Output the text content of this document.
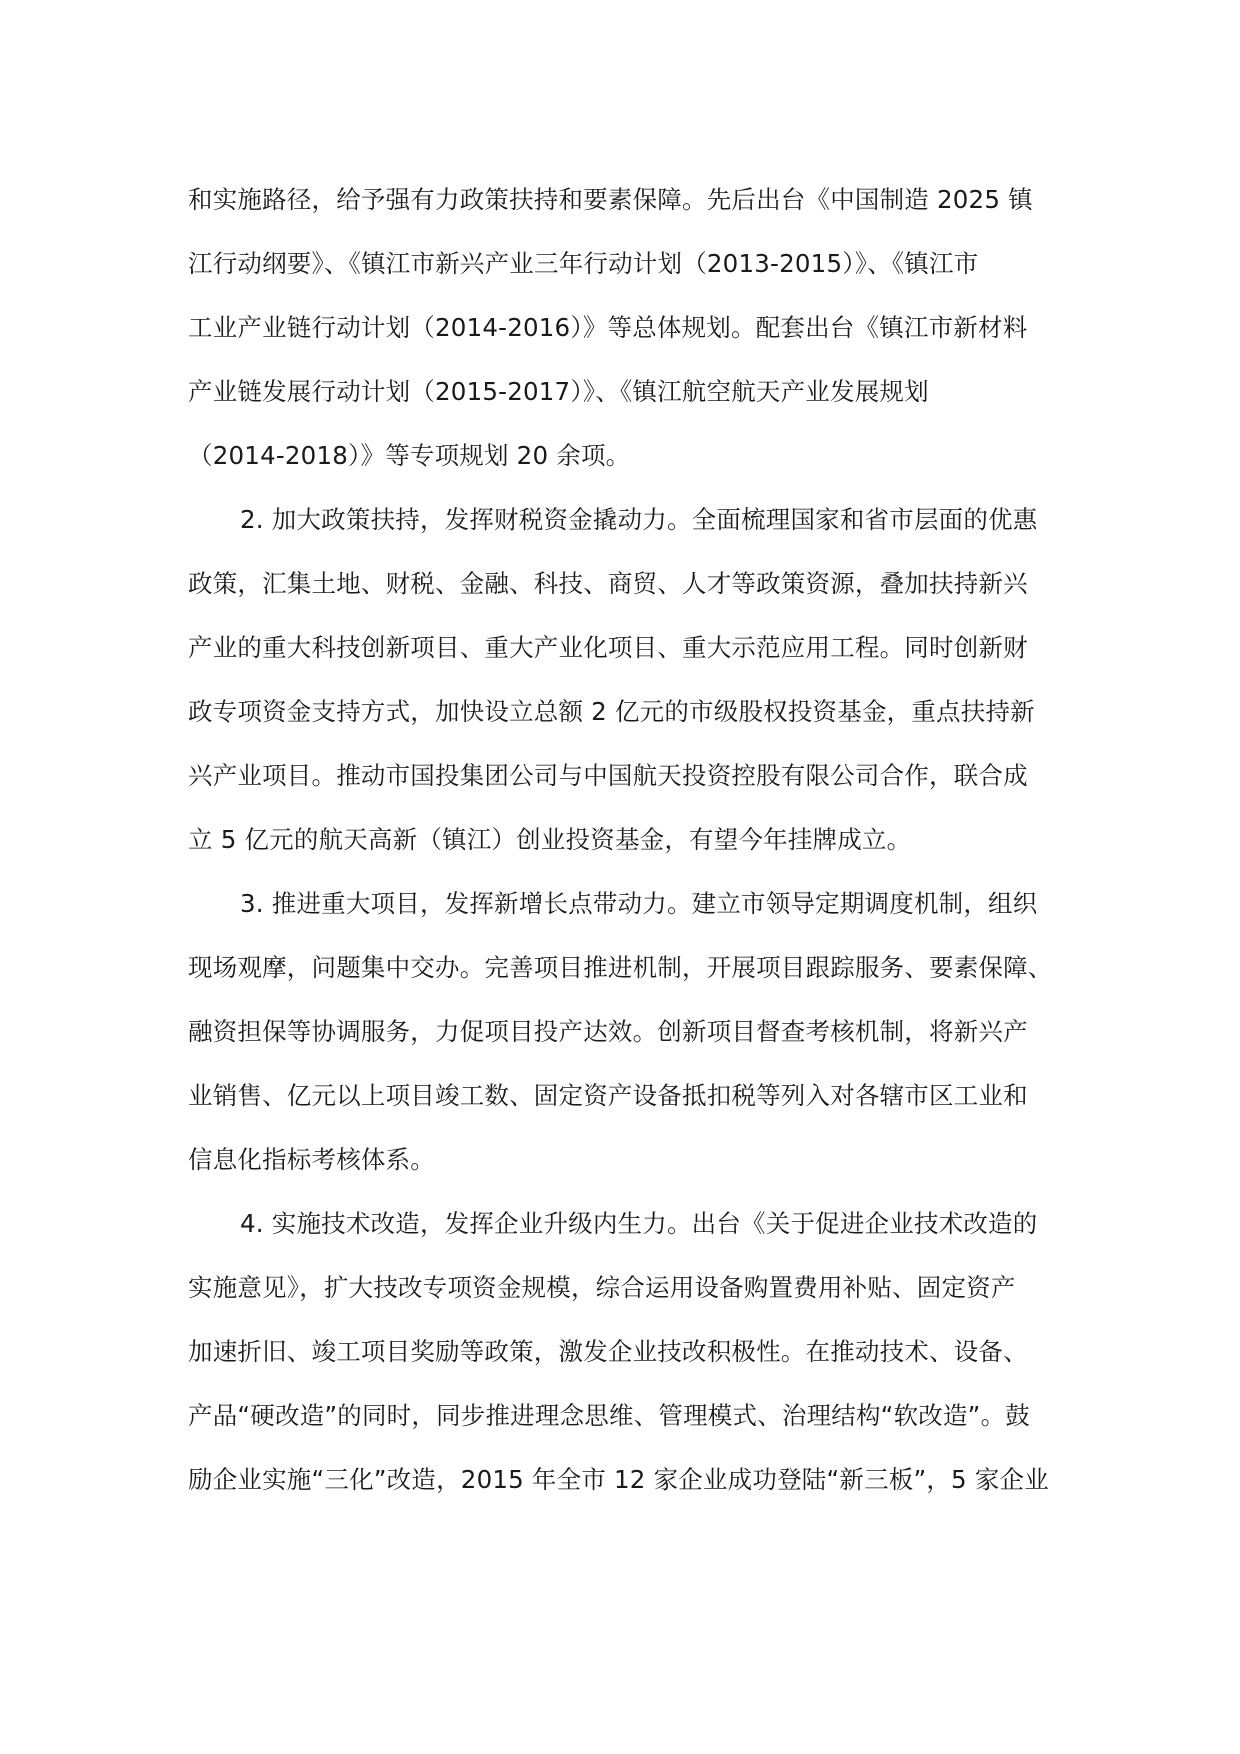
和实施路径，给予强有力政策扶持和要素保障。先后出台《中国制造 2025 镇
江行动纲要》、《镇江市新兴产业三年行动计划（2013-2015）》、《镇江市
工业产业链行动计划（2014-2016）》等总体规划。配套出台《镇江市新材料
产业链发展行动计划（2015-2017）》、《镇江航空航天产业发展规划
（2014-2018）》等专项规划 20 余项。
2. 加大政策扶持，发挥财税资金撬动力。全面梳理国家和省市层面的优惠
政策，汇集土地、财税、金融、科技、商贸、人才等政策资源，叠加扶持新兴
产业的重大科技创新项目、重大产业化项目、重大示范应用工程。同时创新财
政专项资金支持方式，加快设立总额 2 亿元的市级股权投资基金，重点扶持新
兴产业项目。推动市国投集团公司与中国航天投资控股有限公司合作，联合成
立 5 亿元的航天高新（镇江）创业投资基金，有望今年挂牌成立。
3. 推进重大项目，发挥新增长点带动力。建立市领导定期调度机制，组织
现场观摩，问题集中交办。完善项目推进机制，开展项目跟踪服务、要素保障、
融资担保等协调服务，力促项目投产达效。创新项目督查考核机制，将新兴产
业销售、亿元以上项目竣工数、固定资产设备抵扣税等列入对各辖市区工业和
信息化指标考核体系。
4. 实施技术改造，发挥企业升级内生力。出台《关于促进企业技术改造的
实施意见》，扩大技改专项资金规模，综合运用设备购置费用补贴、固定资产
加速折旧、竣工项目奖励等政策，激发企业技改积极性。在推动技术、设备、
产品“硬改造”的同时，同步推进理念思维、管理模式、治理结构“软改造”。鼓
励企业实施“三化”改造，2015 年全市 12 家企业成功登陆“新三板”，5 家企业
